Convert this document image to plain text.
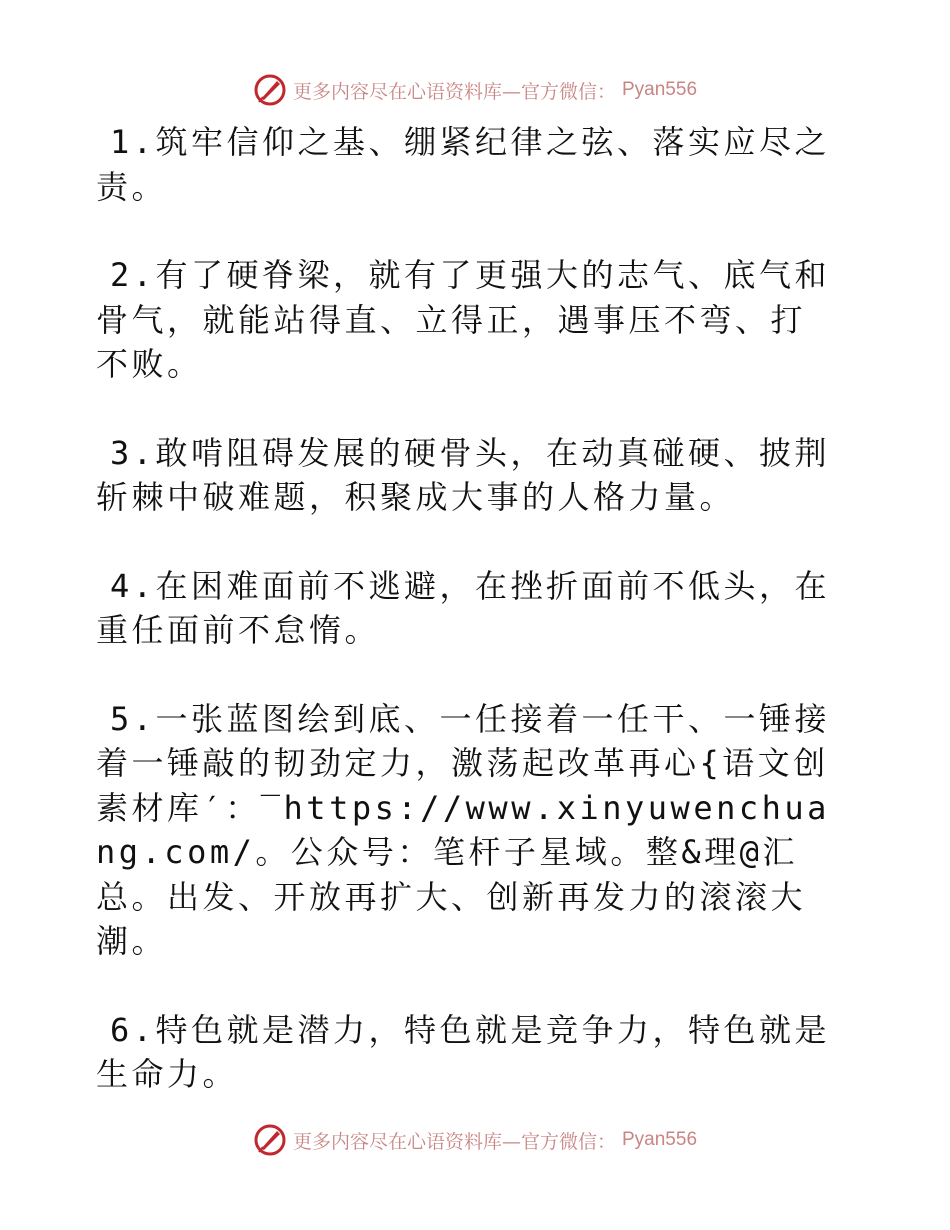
更多内容尽在心语资料库—官方微信： Pyan556

1.筑牢信仰之基、绷紧纪律之弦、落实应尽之责。

2.有了硬脊梁，就有了更强大的志气、底气和骨气，就能站得直、立得正，遇事压不弯、打不败。

3.敢啃阻碍发展的硬骨头，在动真碰硬、披荆斩棘中破难题，积聚成大事的人格力量。

4.在困难面前不逃避，在挫折面前不低头，在重任面前不怠惰。

5.一张蓝图绘到底、一任接着一任干、一锤接着一锤敲的韧劲定力，激荡起改革再心{语文创素材库′：‾https://www.xinyuwenchuang.com/。公众号：笔杆子星域。整&理@汇总。出发、开放再扩大、创新再发力的滚滚大潮。

6.特色就是潜力，特色就是竞争力，特色就是生命力。

更多内容尽在心语资料库—官方微信： Pyan556
